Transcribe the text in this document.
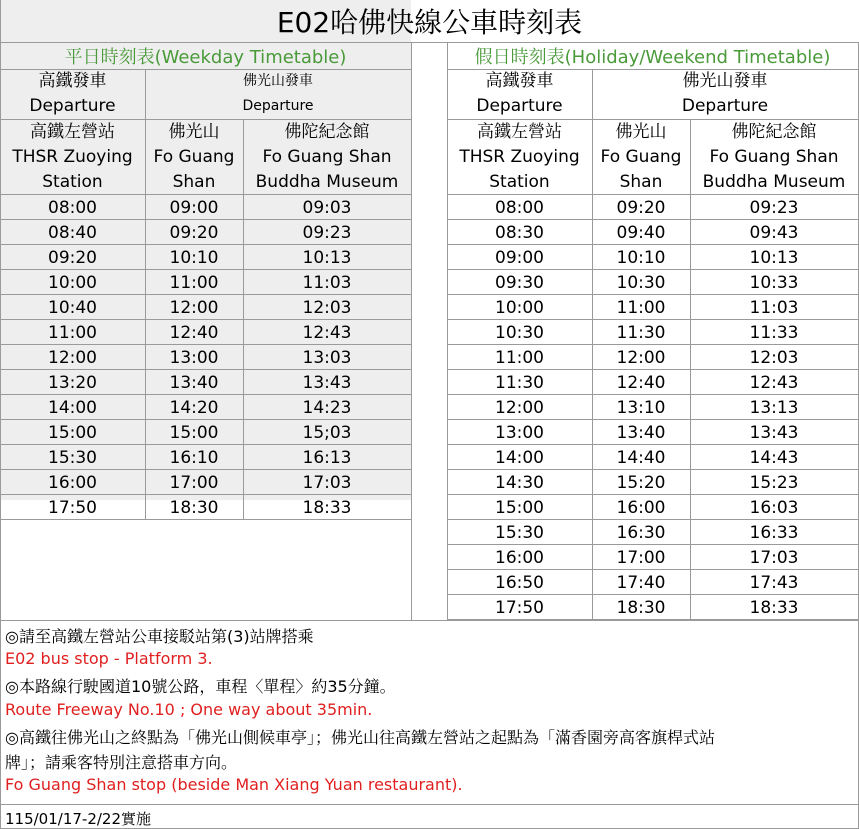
E02哈佛快線公車時刻表
平日時刻表(Weekday Timetable)
高鐵發車
Departure
佛光山發車
Departure
高鐵左營站
THSR Zuoying
Station
佛光山
Fo Guang
Shan
佛陀紀念館
Fo Guang Shan
Buddha Museum
08:00	09:00	09:03
08:40	09:20	09:23
09:20	10:10	10:13
10:00	11:00	11:03
10:40	12:00	12:03
11:00	12:40	12:43
12:00	13:00	13:03
13:20	13:40	13:43
14:00	14:20	14:23
15:00	15:00	15;03
15:30	16:10	16:13
16:00	17:00	17:03
17:50	18:30	18:33
假日時刻表(Holiday/Weekend Timetable)
高鐵發車
Departure
佛光山發車
Departure
高鐵左營站
THSR Zuoying
Station
佛光山
Fo Guang
Shan
佛陀紀念館
Fo Guang Shan
Buddha Museum
08:00	09:20	09:23
08:30	09:40	09:43
09:00	10:10	10:13
09:30	10:30	10:33
10:00	11:00	11:03
10:30	11:30	11:33
11:00	12:00	12:03
11:30	12:40	12:43
12:00	13:10	13:13
13:00	13:40	13:43
14:00	14:40	14:43
14:30	15:20	15:23
15:00	16:00	16:03
15:30	16:30	16:33
16:00	17:00	17:03
16:50	17:40	17:43
17:50	18:30	18:33
◎請至高鐵左營站公車接駁站第(3)站牌搭乘
E02 bus stop - Platform 3.
◎本路線行駛國道10號公路，車程〈單程〉約35分鐘。
Route Freeway No.10 ; One way about 35min.
◎高鐵往佛光山之終點為「佛光山側候車亭」；佛光山往高鐵左營站之起點為「滿香園旁高客旗桿式站
牌」；請乘客特別注意搭車方向。
Fo Guang Shan stop (beside Man Xiang Yuan restaurant).
115/01/17-2/22實施
